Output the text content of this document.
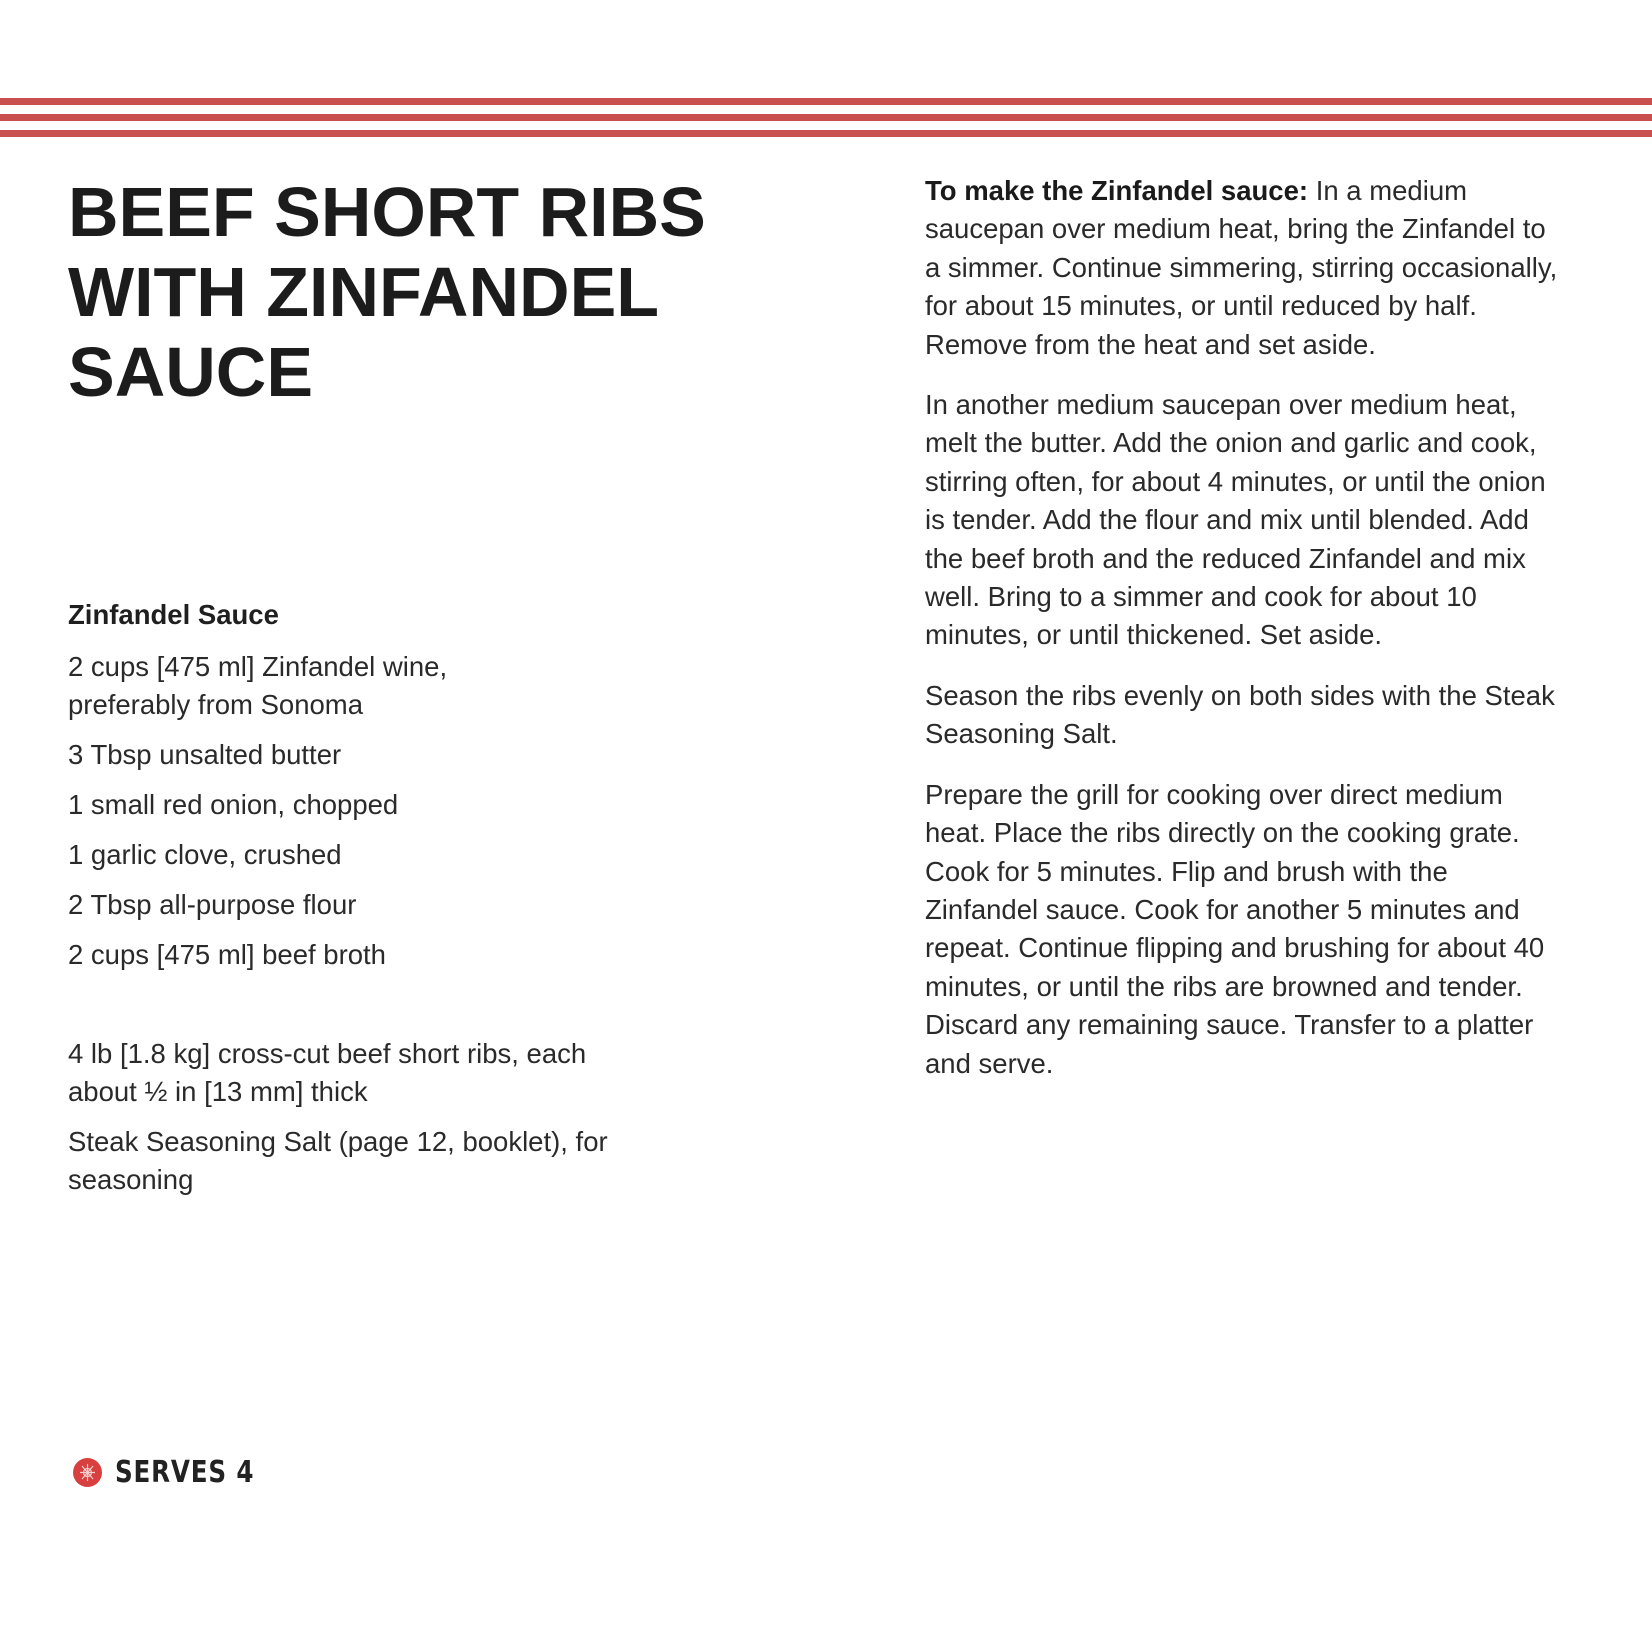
BEEF SHORT RIBS WITH ZINFANDEL SAUCE

Zinfandel Sauce

2 cups [475 ml] Zinfandel wine, preferably from Sonoma

3 Tbsp unsalted butter

1 small red onion, chopped

1 garlic clove, crushed

2 Tbsp all-purpose flour

2 cups [475 ml] beef broth

4 lb [1.8 kg] cross-cut beef short ribs, each about ½ in [13 mm] thick

Steak Seasoning Salt (page 12, booklet), for seasoning

To make the Zinfandel sauce: In a medium saucepan over medium heat, bring the Zinfandel to a simmer. Continue simmering, stirring occasionally, for about 15 minutes, or until reduced by half. Remove from the heat and set aside.

In another medium saucepan over medium heat, melt the butter. Add the onion and garlic and cook, stirring often, for about 4 minutes, or until the onion is tender. Add the flour and mix until blended. Add the beef broth and the reduced Zinfandel and mix well. Bring to a simmer and cook for about 10 minutes, or until thickened. Set aside.

Season the ribs evenly on both sides with the Steak Seasoning Salt.

Prepare the grill for cooking over direct medium heat. Place the ribs directly on the cooking grate. Cook for 5 minutes. Flip and brush with the Zinfandel sauce. Cook for another 5 minutes and repeat. Continue flipping and brushing for about 40 minutes, or until the ribs are browned and tender. Discard any remaining sauce. Transfer to a platter and serve.

SERVES 4
